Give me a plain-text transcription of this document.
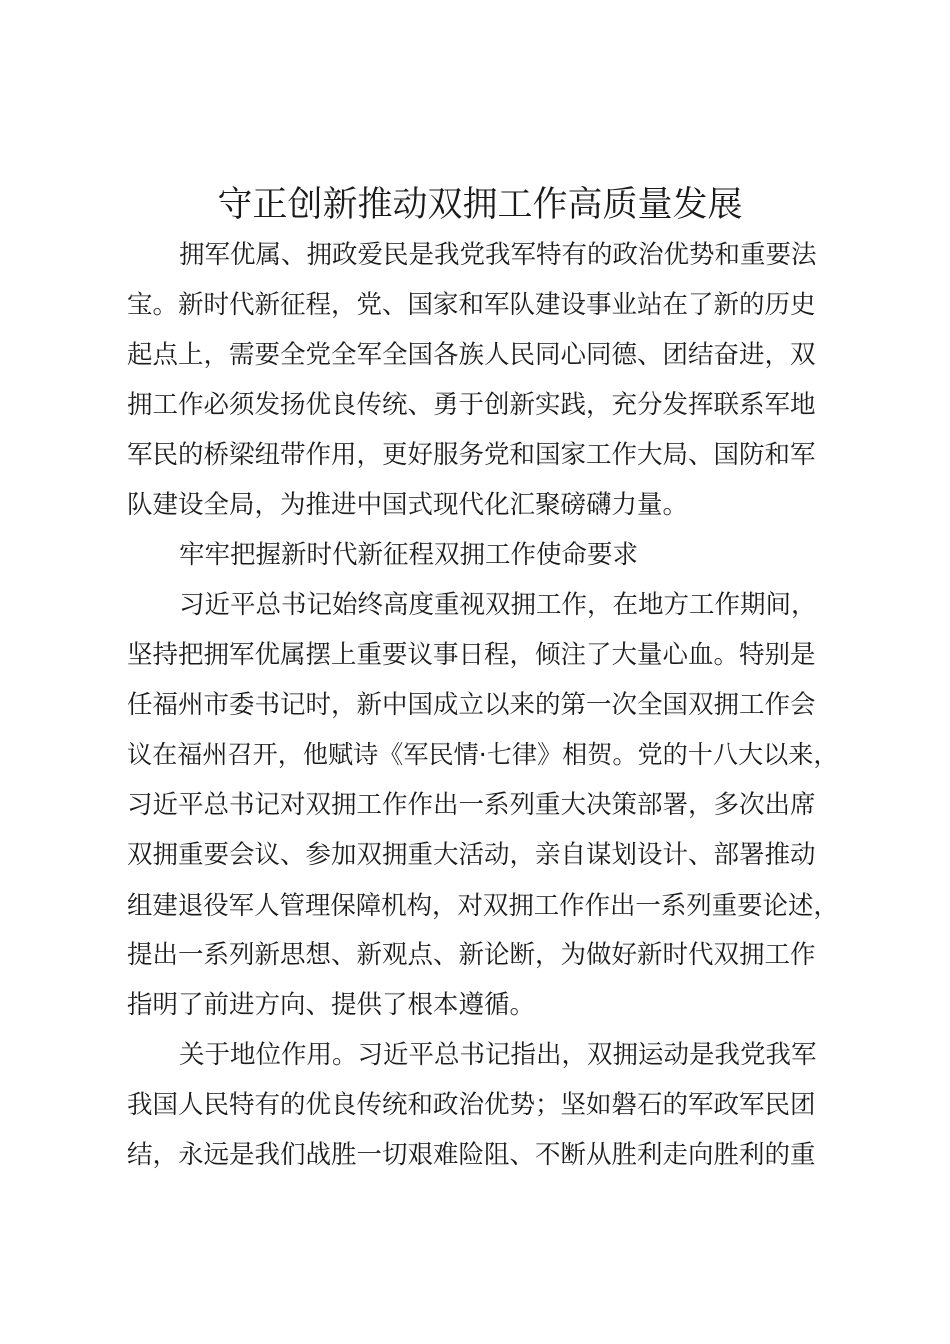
守正创新推动双拥工作高质量发展
拥军优属、拥政爱民是我党我军特有的政治优势和重要法
宝。新时代新征程，党、国家和军队建设事业站在了新的历史
起点上，需要全党全军全国各族人民同心同德、团结奋进，双
拥工作必须发扬优良传统、勇于创新实践，充分发挥联系军地
军民的桥梁纽带作用，更好服务党和国家工作大局、国防和军
队建设全局，为推进中国式现代化汇聚磅礴力量。
牢牢把握新时代新征程双拥工作使命要求
习近平总书记始终高度重视双拥工作，在地方工作期间，
坚持把拥军优属摆上重要议事日程，倾注了大量心血。特别是
任福州市委书记时，新中国成立以来的第一次全国双拥工作会
议在福州召开，他赋诗《军民情·七律》相贺。党的十八大以来，
习近平总书记对双拥工作作出一系列重大决策部署，多次出席
双拥重要会议、参加双拥重大活动，亲自谋划设计、部署推动
组建退役军人管理保障机构，对双拥工作作出一系列重要论述，
提出一系列新思想、新观点、新论断，为做好新时代双拥工作
指明了前进方向、提供了根本遵循。
关于地位作用。习近平总书记指出，双拥运动是我党我军
我国人民特有的优良传统和政治优势；坚如磐石的军政军民团
结，永远是我们战胜一切艰难险阻、不断从胜利走向胜利的重
